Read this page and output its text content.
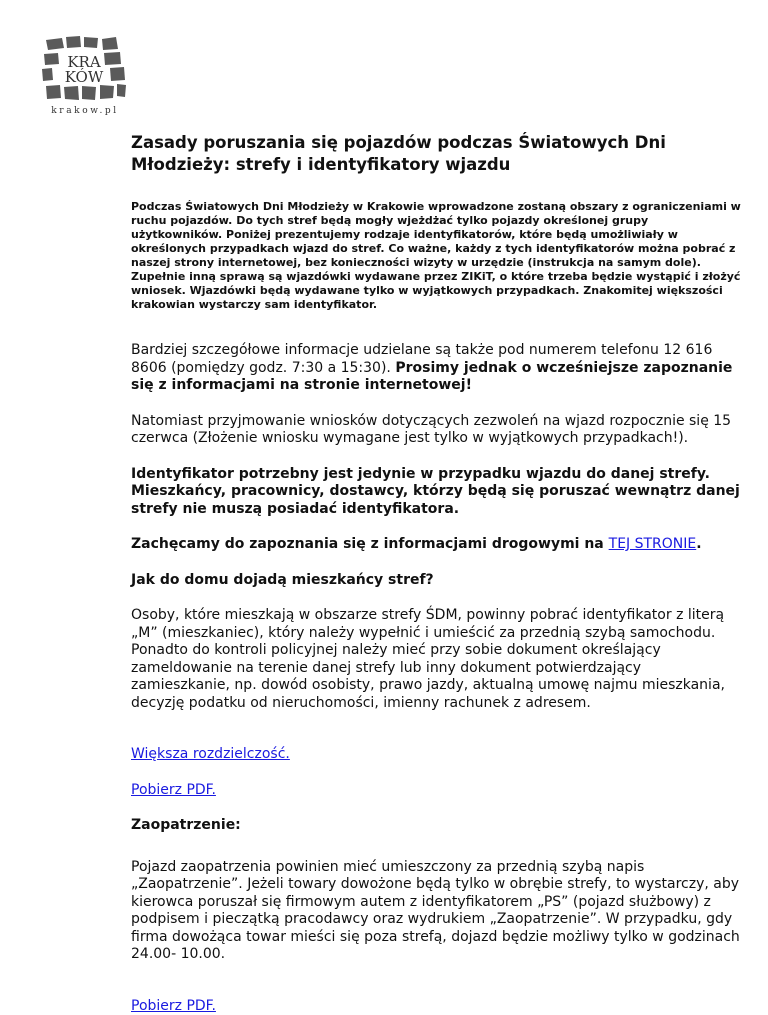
KRA
KÓW
krakow.pl
Zasady poruszania się pojazdów podczas Światowych Dni Młodzieży: strefy i identyfikatory wjazdu

Podczas Światowych Dni Młodzieży w Krakowie wprowadzone zostaną obszary z ograniczeniami w ruchu pojazdów. Do tych stref będą mogły wjeżdżać tylko pojazdy określonej grupy użytkowników. Poniżej prezentujemy rodzaje identyfikatorów, które będą umożliwiały w określonych przypadkach wjazd do stref. Co ważne, każdy z tych identyfikatorów można pobrać z naszej strony internetowej, bez konieczności wizyty w urzędzie (instrukcja na samym dole). Zupełnie inną sprawą są wjazdówki wydawane przez ZIKiT, o które trzeba będzie wystąpić i złożyć wniosek. Wjazdówki będą wydawane tylko w wyjątkowych przypadkach. Znakomitej większości krakowian wystarczy sam identyfikator.

Bardziej szczegółowe informacje udzielane są także pod numerem telefonu 12 616 8606 (pomiędzy godz. 7:30 a 15:30). Prosimy jednak o wcześniejsze zapoznanie się z informacjami na stronie internetowej!

Natomiast przyjmowanie wniosków dotyczących zezwoleń na wjazd rozpocznie się 15 czerwca (Złożenie wniosku wymagane jest tylko w wyjątkowych przypadkach!).

Identyfikator potrzebny jest jedynie w przypadku wjazdu do danej strefy. Mieszkańcy, pracownicy, dostawcy, którzy będą się poruszać wewnątrz danej strefy nie muszą posiadać identyfikatora.

Zachęcamy do zapoznania się z informacjami drogowymi na TEJ STRONIE.

Jak do domu dojadą mieszkańcy stref?

Osoby, które mieszkają w obszarze strefy ŚDM, powinny pobrać identyfikator z literą „M” (mieszkaniec), który należy wypełnić i umieścić za przednią szybą samochodu. Ponadto do kontroli policyjnej należy mieć przy sobie dokument określający zameldowanie na terenie danej strefy lub inny dokument potwierdzający zamieszkanie, np. dowód osobisty, prawo jazdy, aktualną umowę najmu mieszkania, decyzję podatku od nieruchomości, imienny rachunek z adresem.

Większa rozdzielczość.

Pobierz PDF.

Zaopatrzenie:

Pojazd zaopatrzenia powinien mieć umieszczony za przednią szybą napis „Zaopatrzenie”. Jeżeli towary dowożone będą tylko w obrębie strefy, to wystarczy, aby kierowca poruszał się firmowym autem z identyfikatorem „PS” (pojazd służbowy) z podpisem i pieczątką pracodawcy oraz wydrukiem „Zaopatrzenie”. W przypadku, gdy firma dowożąca towar mieści się poza strefą, dojazd będzie możliwy tylko w godzinach 24.00- 10.00.

Pobierz PDF.
